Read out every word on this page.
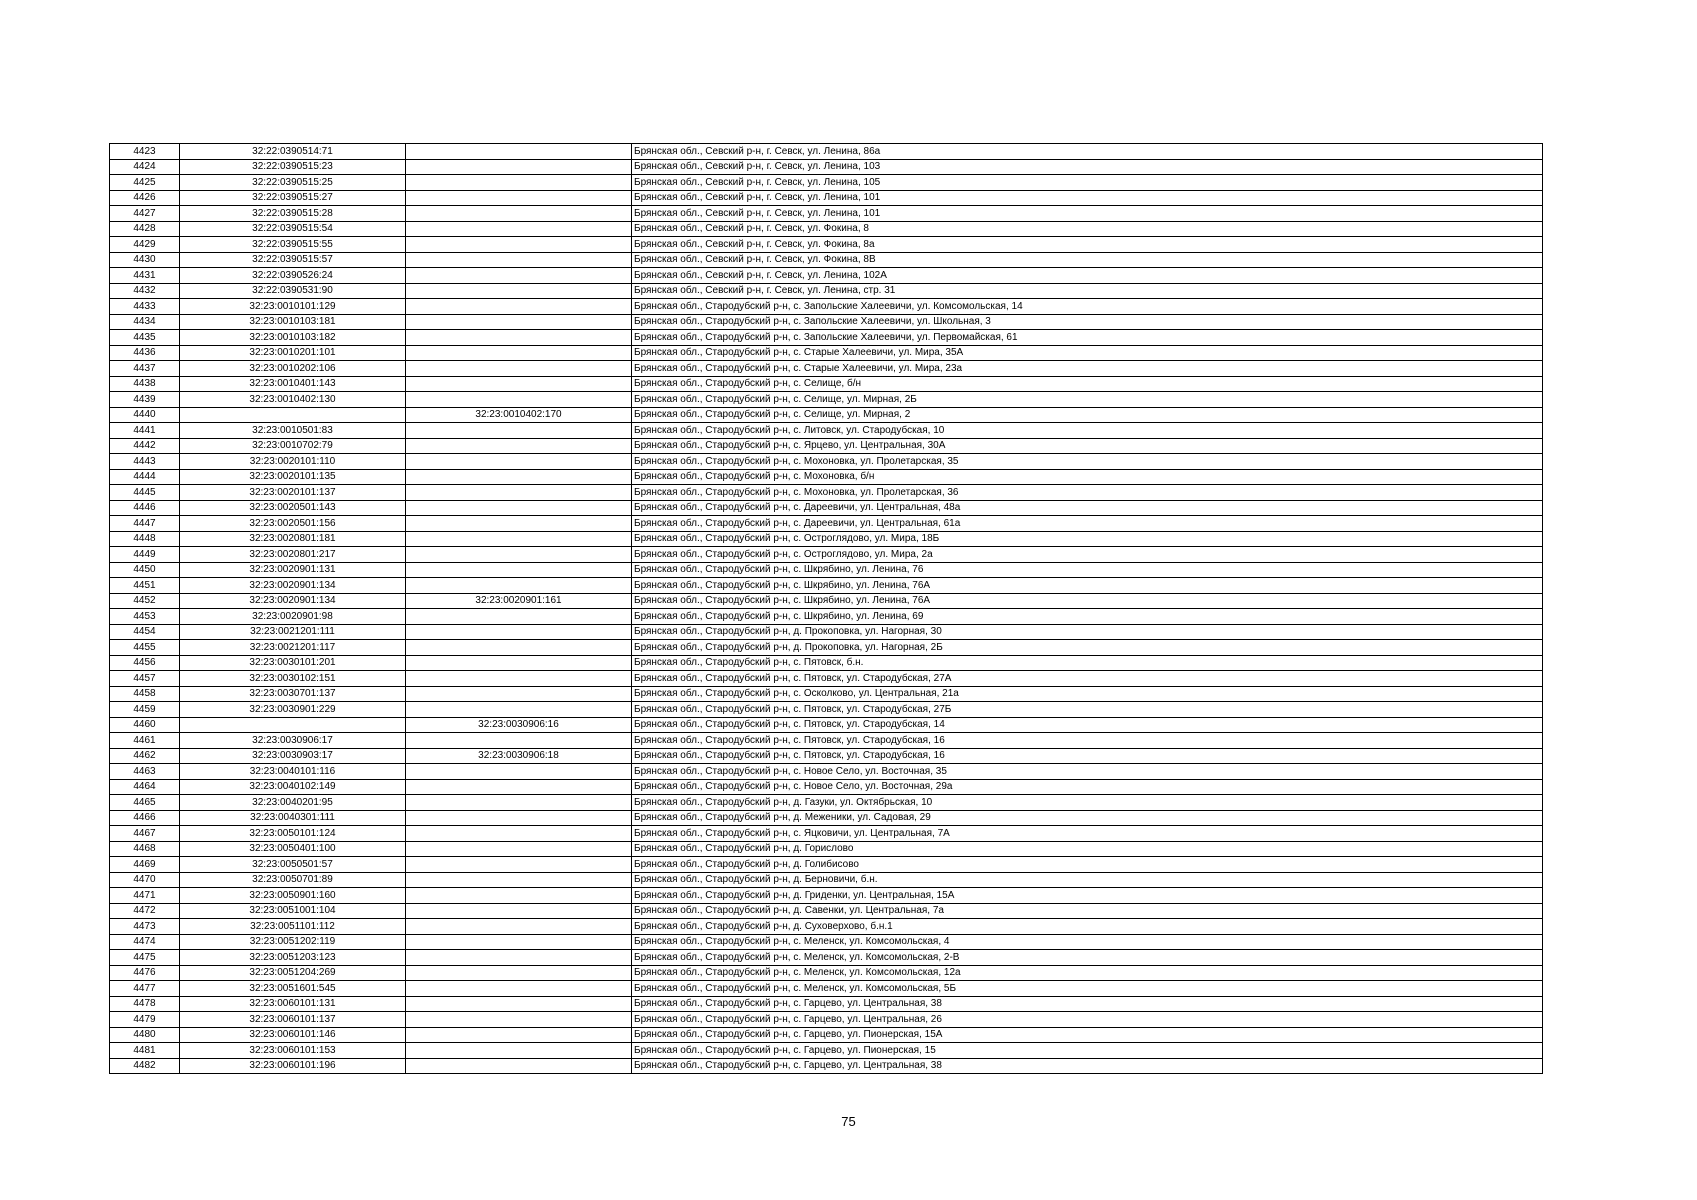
4423	32:22:0390514:71		Брянская обл., Севский р-н, г. Севск, ул. Ленина, 86а
4424	32:22:0390515:23		Брянская обл., Севский р-н, г. Севск, ул. Ленина, 103
4425	32:22:0390515:25		Брянская обл., Севский р-н, г. Севск, ул. Ленина, 105
4426	32:22:0390515:27		Брянская обл., Севский р-н, г. Севск, ул. Ленина, 101
4427	32:22:0390515:28		Брянская обл., Севский р-н, г. Севск, ул. Ленина, 101
4428	32:22:0390515:54		Брянская обл., Севский р-н, г. Севск, ул. Фокина, 8
4429	32:22:0390515:55		Брянская обл., Севский р-н, г. Севск, ул. Фокина, 8а
4430	32:22:0390515:57		Брянская обл., Севский р-н, г. Севск, ул. Фокина, 8В
4431	32:22:0390526:24		Брянская обл., Севский р-н, г. Севск, ул. Ленина, 102А
4432	32:22:0390531:90		Брянская обл., Севский р-н, г. Севск, ул. Ленина, стр. 31
4433	32:23:0010101:129		Брянская обл., Стародубский р-н, с. Запольские Халеевичи, ул. Комсомольская, 14
4434	32:23:0010103:181		Брянская обл., Стародубский р-н, с. Запольские Халеевичи, ул. Школьная, 3
4435	32:23:0010103:182		Брянская обл., Стародубский р-н, с. Запольские Халеевичи, ул. Первомайская, 61
4436	32:23:0010201:101		Брянская обл., Стародубский р-н, с. Старые Халеевичи, ул. Мира, 35А
4437	32:23:0010202:106		Брянская обл., Стародубский р-н, с. Старые Халеевичи, ул. Мира, 23а
4438	32:23:0010401:143		Брянская обл., Стародубский р-н, с. Селище, б/н
4439	32:23:0010402:130		Брянская обл., Стародубский р-н, с. Селище, ул. Мирная, 2Б
4440		32:23:0010402:170	Брянская обл., Стародубский р-н, с. Селище, ул. Мирная, 2
4441	32:23:0010501:83		Брянская обл., Стародубский р-н, с. Литовск, ул. Стародубская, 10
4442	32:23:0010702:79		Брянская обл., Стародубский р-н, с. Ярцево, ул. Центральная, 30А
4443	32:23:0020101:110		Брянская обл., Стародубский р-н, с. Мохоновка, ул. Пролетарская, 35
4444	32:23:0020101:135		Брянская обл., Стародубский р-н, с. Мохоновка, б/н
4445	32:23:0020101:137		Брянская обл., Стародубский р-н, с. Мохоновка, ул. Пролетарская, 36
4446	32:23:0020501:143		Брянская обл., Стародубский р-н, с. Дареевичи, ул. Центральная, 48а
4447	32:23:0020501:156		Брянская обл., Стародубский р-н, с. Дареевичи, ул. Центральная, 61а
4448	32:23:0020801:181		Брянская обл., Стародубский р-н, с. Остроглядово, ул. Мира, 18Б
4449	32:23:0020801:217		Брянская обл., Стародубский р-н, с. Остроглядово, ул. Мира, 2а
4450	32:23:0020901:131		Брянская обл., Стародубский р-н, с. Шкрябино, ул. Ленина, 76
4451	32:23:0020901:134		Брянская обл., Стародубский р-н, с. Шкрябино, ул. Ленина, 76А
4452	32:23:0020901:134	32:23:0020901:161	Брянская обл., Стародубский р-н, с. Шкрябино, ул. Ленина, 76А
4453	32:23:0020901:98		Брянская обл., Стародубский р-н, с. Шкрябино, ул. Ленина, 69
4454	32:23:0021201:111		Брянская обл., Стародубский р-н, д. Прокоповка, ул. Нагорная, 30
4455	32:23:0021201:117		Брянская обл., Стародубский р-н, д. Прокоповка, ул. Нагорная, 2Б
4456	32:23:0030101:201		Брянская обл., Стародубский р-н, с. Пятовск, б.н.
4457	32:23:0030102:151		Брянская обл., Стародубский р-н, с. Пятовск, ул. Стародубская, 27А
4458	32:23:0030701:137		Брянская обл., Стародубский р-н, с. Осколково, ул. Центральная, 21а
4459	32:23:0030901:229		Брянская обл., Стародубский р-н, с. Пятовск, ул. Стародубская, 27Б
4460		32:23:0030906:16	Брянская обл., Стародубский р-н, с. Пятовск, ул. Стародубская, 14
4461	32:23:0030906:17		Брянская обл., Стародубский р-н, с. Пятовск, ул. Стародубская, 16
4462	32:23:0030903:17	32:23:0030906:18	Брянская обл., Стародубский р-н, с. Пятовск, ул. Стародубская, 16
4463	32:23:0040101:116		Брянская обл., Стародубский р-н, с. Новое Село, ул. Восточная, 35
4464	32:23:0040102:149		Брянская обл., Стародубский р-н, с. Новое Село, ул. Восточная, 29а
4465	32:23:0040201:95		Брянская обл., Стародубский р-н, д. Газуки, ул. Октябрьская, 10
4466	32:23:0040301:111		Брянская обл., Стародубский р-н, д. Меженики, ул. Садовая, 29
4467	32:23:0050101:124		Брянская обл., Стародубский р-н, с. Яцковичи, ул. Центральная, 7А
4468	32:23:0050401:100		Брянская обл., Стародубский р-н, д. Горислово
4469	32:23:0050501:57		Брянская обл., Стародубский р-н, д. Голибисово
4470	32:23:0050701:89		Брянская обл., Стародубский р-н, д. Берновичи, б.н.
4471	32:23:0050901:160		Брянская обл., Стародубский р-н, д. Гриденки, ул. Центральная, 15А
4472	32:23:0051001:104		Брянская обл., Стародубский р-н, д. Савенки, ул. Центральная, 7а
4473	32:23:0051101:112		Брянская обл., Стародубский р-н, д. Суховерхово, б.н.1
4474	32:23:0051202:119		Брянская обл., Стародубский р-н, с. Меленск, ул. Комсомольская, 4
4475	32:23:0051203:123		Брянская обл., Стародубский р-н, с. Меленск, ул. Комсомольская, 2-В
4476	32:23:0051204:269		Брянская обл., Стародубский р-н, с. Меленск, ул. Комсомольская, 12а
4477	32:23:0051601:545		Брянская обл., Стародубский р-н, с. Меленск, ул. Комсомольская, 5Б
4478	32:23:0060101:131		Брянская обл., Стародубский р-н, с. Гарцево, ул. Центральная, 38
4479	32:23:0060101:137		Брянская обл., Стародубский р-н, с. Гарцево, ул. Центральная, 26
4480	32:23:0060101:146		Брянская обл., Стародубский р-н, с. Гарцево, ул. Пионерская, 15А
4481	32:23:0060101:153		Брянская обл., Стародубский р-н, с. Гарцево, ул. Пионерская, 15
4482	32:23:0060101:196		Брянская обл., Стародубский р-н, с. Гарцево, ул. Центральная, 38
75
